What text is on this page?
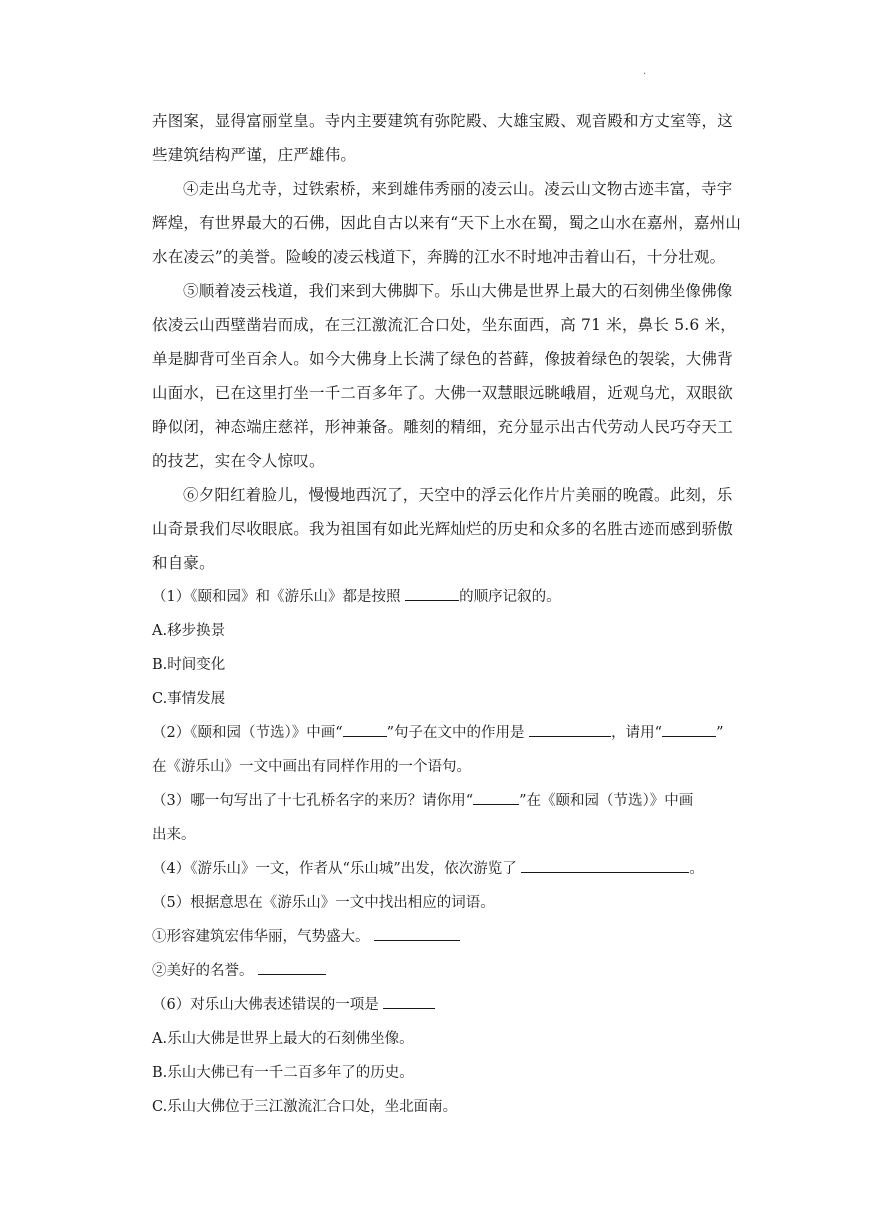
.

卉图案，显得富丽堂皇。寺内主要建筑有弥陀殿、大雄宝殿、观音殿和方丈室等，这些建筑结构严谨，庄严雄伟。

④走出乌尤寺，过铁索桥，来到雄伟秀丽的凌云山。凌云山文物古迹丰富，寺宇辉煌，有世界最大的石佛，因此自古以来有“天下上水在蜀，蜀之山水在嘉州，嘉州山水在凌云”的美誉。险峻的凌云栈道下，奔腾的江水不时地冲击着山石，十分壮观。

⑤顺着凌云栈道，我们来到大佛脚下。乐山大佛是世界上最大的石刻佛坐像佛像依凌云山西壁凿岩而成，在三江激流汇合口处，坐东面西，高 71 米，鼻长 5.6 米，单是脚背可坐百余人。如今大佛身上长满了绿色的苔藓，像披着绿色的袈裟，大佛背山面水，已在这里打坐一千二百多年了。大佛一双慧眼远眺峨眉，近观乌尤，双眼欲睁似闭，神态端庄慈祥，形神兼备。雕刻的精细，充分显示出古代劳动人民巧夺天工的技艺，实在令人惊叹。

⑥夕阳红着脸儿，慢慢地西沉了，天空中的浮云化作片片美丽的晚霞。此刻，乐山奇景我们尽收眼底。我为祖国有如此光辉灿烂的历史和众多的名胜古迹而感到骄傲和自豪。

（1）《颐和园》和《游乐山》都是按照	的顺序记叙的。

A.移步换景

B.时间变化

C.事情发展

（2）《颐和园（节选）》中画“	”句子在文中的作用是	，请用“	”

在《游乐山》一文中画出有同样作用的一个语句。

（3）哪一句写出了十七孔桥名字的来历？请你用“	”在《颐和园（节选）》中画

出来。

（4）《游乐山》一文，作者从“乐山城”出发，依次游览了	。

（5）根据意思在《游乐山》一文中找出相应的词语。

①形容建筑宏伟华丽，气势盛大。

②美好的名誉。

（6）对乐山大佛表述错误的一项是

A.乐山大佛是世界上最大的石刻佛坐像。

B.乐山大佛已有一千二百多年了的历史。

C.乐山大佛位于三江激流汇合口处，坐北面南。
